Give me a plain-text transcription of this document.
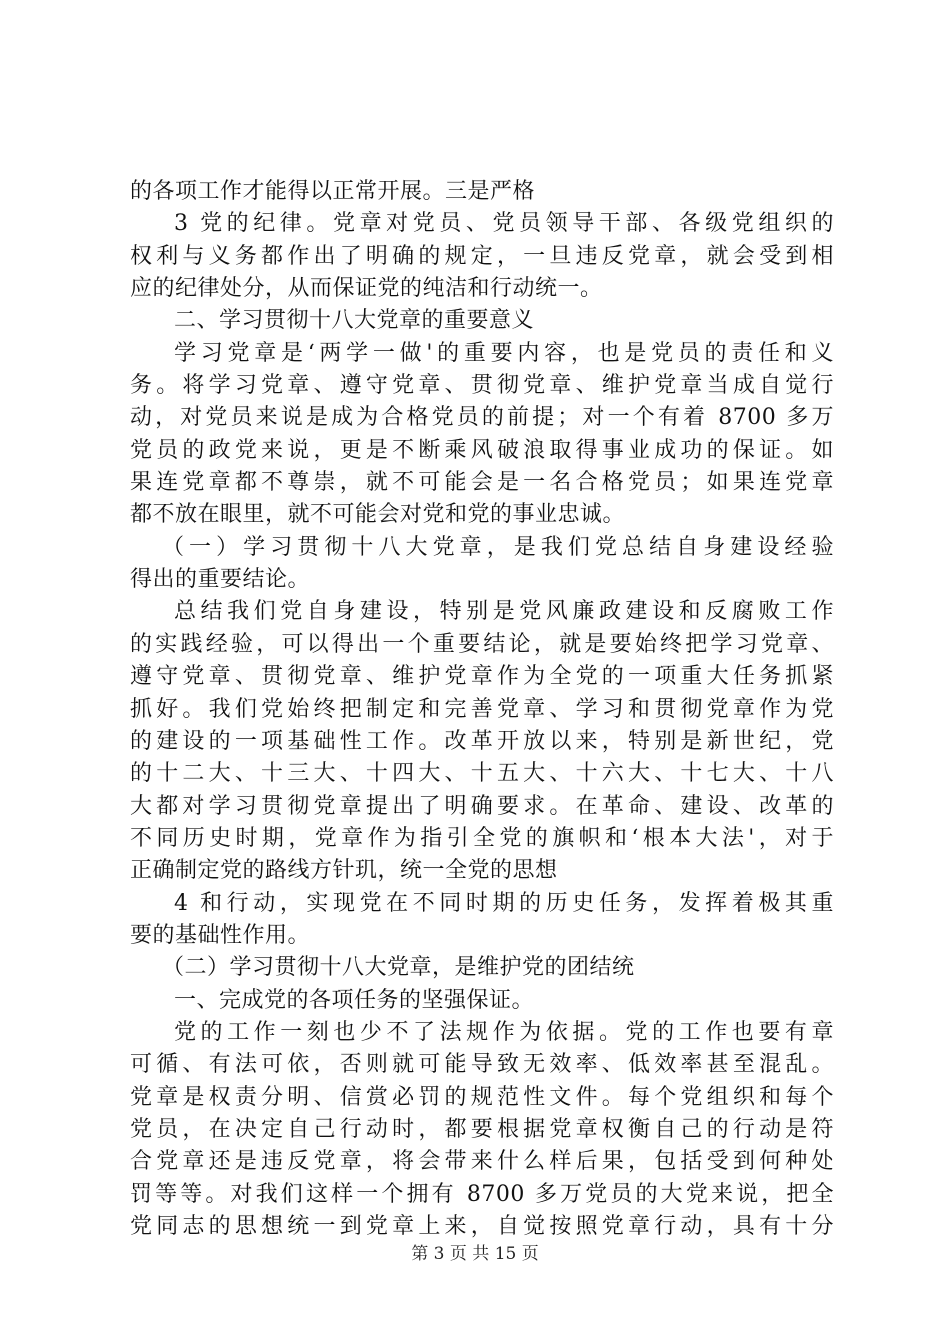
的各项工作才能得以正常开展。三是严格
3 党的纪律。党章对党员、党员领导干部、各级党组织的
权利与义务都作出了明确的规定，一旦违反党章，就会受到相
应的纪律处分，从而保证党的纯洁和行动统一。
二、学习贯彻十八大党章的重要意义
学习党章是‘两学一做'的重要内容，也是党员的责任和义
务。将学习党章、遵守党章、贯彻党章、维护党章当成自觉行
动，对党员来说是成为合格党员的前提；对一个有着 8700 多万
党员的政党来说，更是不断乘风破浪取得事业成功的保证。如
果连党章都不尊崇，就不可能会是一名合格党员；如果连党章
都不放在眼里，就不可能会对党和党的事业忠诚。
（一）学习贯彻十八大党章，是我们党总结自身建设经验
得出的重要结论。
总结我们党自身建设，特别是党风廉政建设和反腐败工作
的实践经验，可以得出一个重要结论，就是要始终把学习党章、
遵守党章、贯彻党章、维护党章作为全党的一项重大任务抓紧
抓好。我们党始终把制定和完善党章、学习和贯彻党章作为党
的建设的一项基础性工作。改革开放以来，特别是新世纪，党
的十二大、十三大、十四大、十五大、十六大、十七大、十八
大都对学习贯彻党章提出了明确要求。在革命、建设、改革的
不同历史时期，党章作为指引全党的旗帜和‘根本大法'，对于
正确制定党的路线方针玑，统一全党的思想
4 和行动，实现党在不同时期的历史任务，发挥着极其重
要的基础性作用。
（二）学习贯彻十八大党章，是维护党的团结统
一、完成党的各项任务的坚强保证。
党的工作一刻也少不了法规作为依据。党的工作也要有章
可循、有法可依，否则就可能导致无效率、低效率甚至混乱。
党章是权责分明、信赏必罚的规范性文件。每个党组织和每个
党员，在决定自己行动时，都要根据党章权衡自己的行动是符
合党章还是违反党章，将会带来什么样后果，包括受到何种处
罚等等。对我们这样一个拥有 8700 多万党员的大党来说，把全
党同志的思想统一到党章上来，自觉按照党章行动，具有十分
第 3 页 共 15 页
